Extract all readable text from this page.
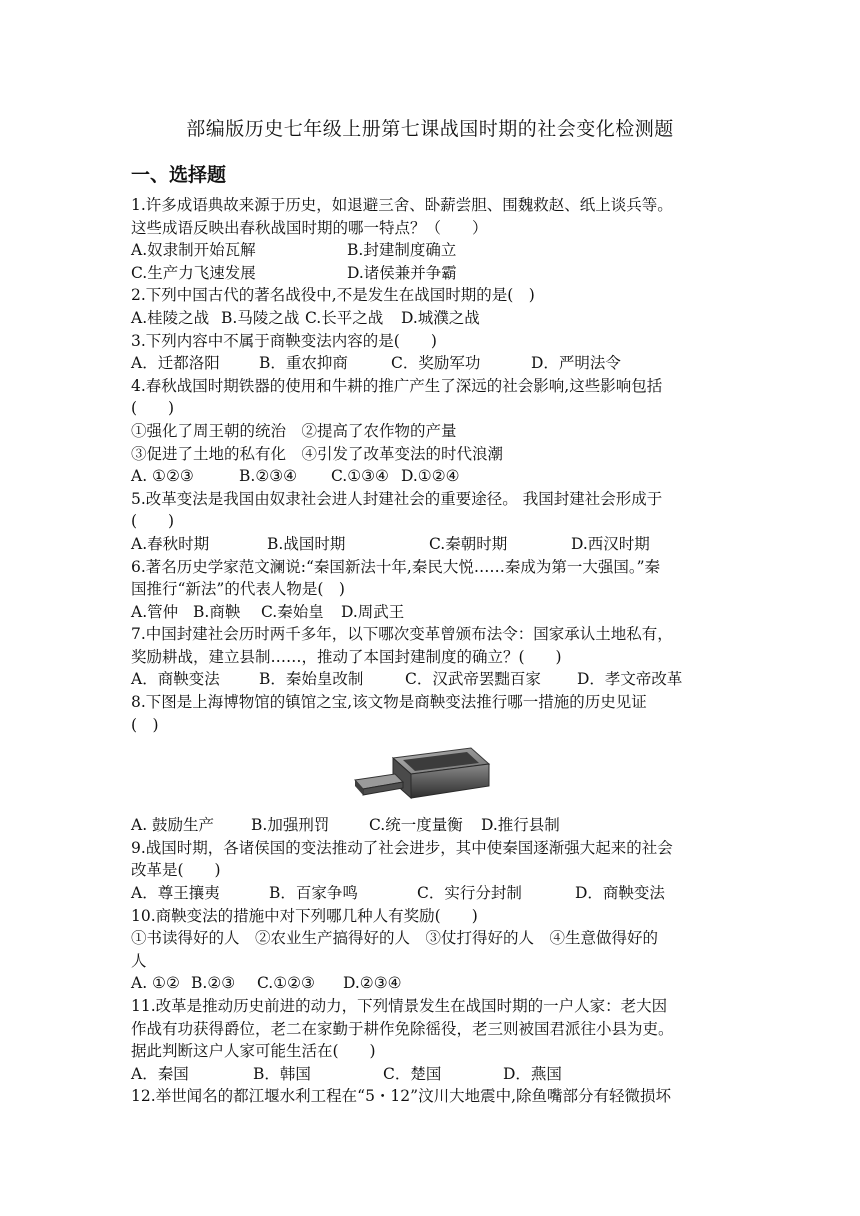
部编版历史七年级上册第七课战国时期的社会变化检测题
一、选择题
1.许多成语典故来源于历史，如退避三舍、卧薪尝胆、围魏救赵、纸上谈兵等。
这些成语反映出春秋战国时期的哪一特点？（　　）
A.奴隶制开始瓦解	B.封建制度确立
C.生产力飞速发展	D.诸侯兼并争霸
2.下列中国古代的著名战役中,不是发生在战国时期的是(　)
A.桂陵之战 B.马陵之战 C.长平之战 D.城濮之战
3.下列内容中不属于商鞅变法内容的是(　　)
A．迁都洛阳	B．重农抑商	C．奖励军功	D．严明法令
4.春秋战国时期铁器的使用和牛耕的推广产生了深远的社会影响,这些影响包括
(　　)
①强化了周王朝的统治　②提高了农作物的产量
③促进了土地的私有化　④引发了改革变法的时代浪潮
A. ①②③	B.②③④ C.①③④ D.①②④
5.改革变法是我国由奴隶社会进人封建社会的重要途径。 我国封建社会形成于
(　　)
A.春秋时期	B.战国时期	C.秦朝时期	D.西汉时期
6.著名历史学家范文澜说:“秦国新法十年,秦民大悦……秦成为第一大强国。”秦
国推行“新法”的代表人物是(　)
A.管仲 B.商鞅 C.秦始皇 D.周武王
7.中国封建社会历时两千多年，以下哪次变革曾颁布法令：国家承认土地私有，
奖励耕战，建立县制……，推动了本国封建制度的确立？(　　)
A．商鞅变法	B．秦始皇改制	C．汉武帝罢黜百家 D．孝文帝改革
8.下图是上海博物馆的镇馆之宝,该文物是商鞅变法推行哪一措施的历史见证
(　)
A. 鼓励生产 B.加强刑罚	C.统一度量衡 D.推行县制
9.战国时期，各诸侯国的变法推动了社会进步，其中使秦国逐渐强大起来的社会
改革是(　　)
A．尊王攘夷	B．百家争鸣	C．实行分封制	D．商鞅变法
10.商鞅变法的措施中对下列哪几种人有奖励(　　)
①书读得好的人　②农业生产搞得好的人　③仗打得好的人　④生意做得好的
人
A. ①② B.②③ C.①②③ D.②③④
11.改革是推动历史前进的动力，下列情景发生在战国时期的一户人家：老大因
作战有功获得爵位，老二在家勤于耕作免除徭役，老三则被国君派往小县为吏。
据此判断这户人家可能生活在(　　)
A．秦国	B．韩国	C．楚国	D．燕国
12.举世闻名的都江堰水利工程在“5・12”汶川大地震中,除鱼嘴部分有轻微损坏
